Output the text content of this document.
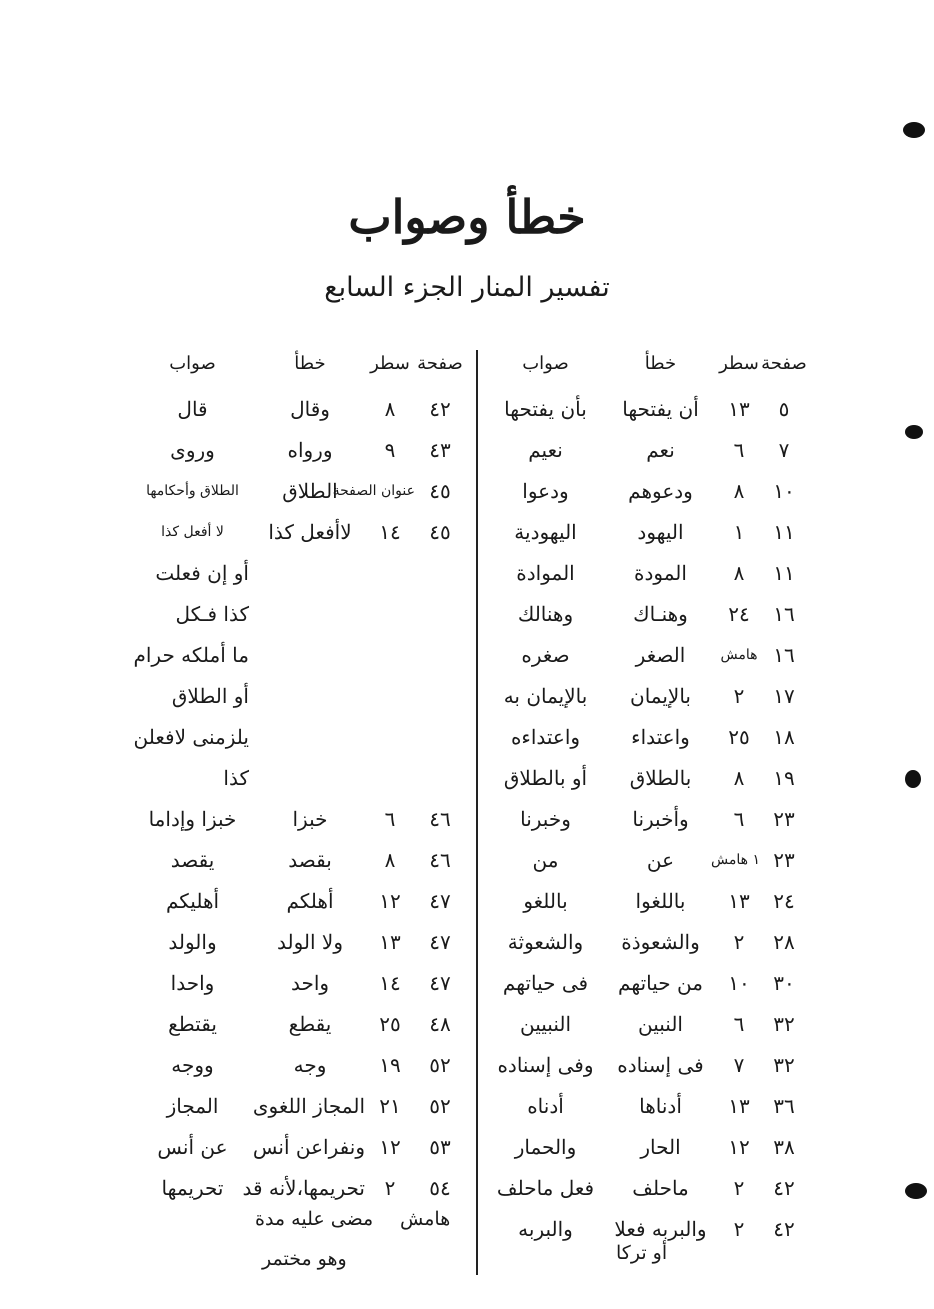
خطأ وصواب
تفسير المنار الجزء السابع
صفحة
سطر
خطأ
صواب
٥
١٣
أن يفتحها
بأن يفتحها
٧
٦
نعم
نعيم
١٠
٨
ودعوهم
ودعوا
١١
١
اليهود
اليهودية
١١
٨
المودة
الموادة
١٦
٢٤
وهنـاك
وهنالك
١٦
هامش
الصغر
صغره
١٧
٢
بالإيمان
بالإيمان به
١٨
٢٥
واعتداء
واعتداءه
١٩
٨
بالطلاق
أو بالطلاق
٢٣
٦
وأخبرنا
وخبرنا
٢٣
١ هامش
عن
من
٢٤
١٣
باللغوا
باللغو
٢٨
٢
والشعوذة
والشعوثة
٣٠
١٠
من حياتهم
فى حياتهم
٣٢
٦
النبين
النبيين
٣٢
٧
فى إسناده
وفى إسناده
٣٦
١٣
أدناها
أدناه
٣٨
١٢
الحار
والحمار
٤٢
٢
ماحلف
فعل ماحلف
٤٢
٢
والبربه فعلا
والبربه
أو تركا
صفحة
سطر
خطأ
صواب
٤٢
٨
وقال
قال
٤٣
٩
ورواه
وروى
٤٥
عنوان الصفحة
الطلاق
الطلاق وأحكامها
٤٥
١٤
لاأفعل كذا
لا أفعل كذا
أو إن فعلت
كذا فـكل
ما أملكه حرام
أو الطلاق
يلزمنى لافعلن
كذا
٤٦
٦
خبزا
خبزا وإداما
٤٦
٨
بقصد
يقصد
٤٧
١٢
أهلكم
أهليكم
٤٧
١٣
ولا الولد
والولد
٤٧
١٤
واحد
واحدا
٤٨
٢٥
يقطع
يقتطع
٥٢
١٩
وجه
ووجه
٥٢
٢١
المجاز اللغوى
المجاز
٥٣
١٢
ونفراعن أنس
عن أنس
٥٤
٢
تحريمها،لأنه قد
تحريمها
هامش
مضى عليه مدة
وهو مختمر
